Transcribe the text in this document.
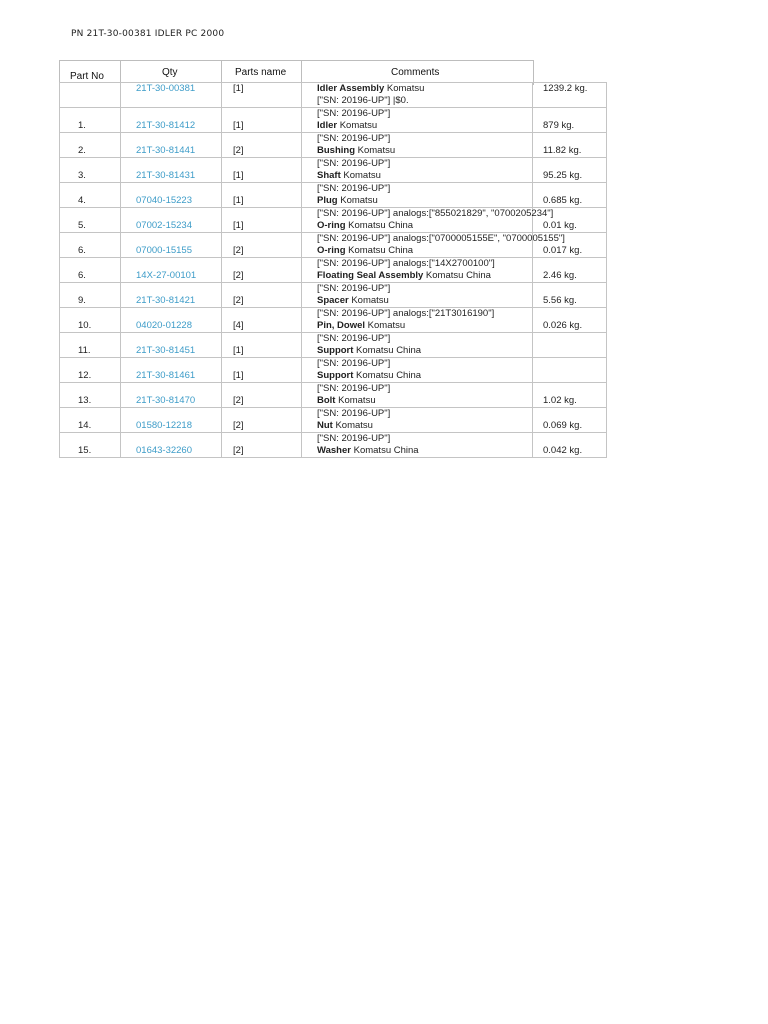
PN 21T-30-00381 IDLER PC 2000
Part No	Qty	Parts name	Comments

	21T-30-00381	[1]	Idler Assembly Komatsu
["SN: 20196-UP"] |$0.	1239.2 kg.

1.	21T-30-81412	[1]	["SN: 20196-UP"]
Idler Komatsu	879 kg.

2.	21T-30-81441	[2]	["SN: 20196-UP"]
Bushing Komatsu	11.82 kg.

3.	21T-30-81431	[1]	["SN: 20196-UP"]
Shaft Komatsu	95.25 kg.

4.	07040-15223	[1]	["SN: 20196-UP"]
Plug Komatsu	0.685 kg.

5.	07002-15234	[1]	["SN: 20196-UP"] analogs:["855021829", "0700205234"]
O-ring Komatsu China	0.01 kg.

6.	07000-15155	[2]	["SN: 20196-UP"] analogs:["0700005155E", "0700005155"]
O-ring Komatsu China	0.017 kg.

6.	14X-27-00101	[2]	["SN: 20196-UP"] analogs:["14X2700100"]
Floating Seal Assembly Komatsu China	2.46 kg.

9.	21T-30-81421	[2]	["SN: 20196-UP"]
Spacer Komatsu	5.56 kg.

10.	04020-01228	[4]	["SN: 20196-UP"] analogs:["21T3016190"]
Pin, Dowel Komatsu	0.026 kg.

11.	21T-30-81451	[1]	["SN: 20196-UP"]
Support Komatsu China	

12.	21T-30-81461	[1]	["SN: 20196-UP"]
Support Komatsu China	

13.	21T-30-81470	[2]	["SN: 20196-UP"]
Bolt Komatsu	1.02 kg.

14.	01580-12218	[2]	["SN: 20196-UP"]
Nut Komatsu	0.069 kg.

15.	01643-32260	[2]	["SN: 20196-UP"]
Washer Komatsu China	0.042 kg.
